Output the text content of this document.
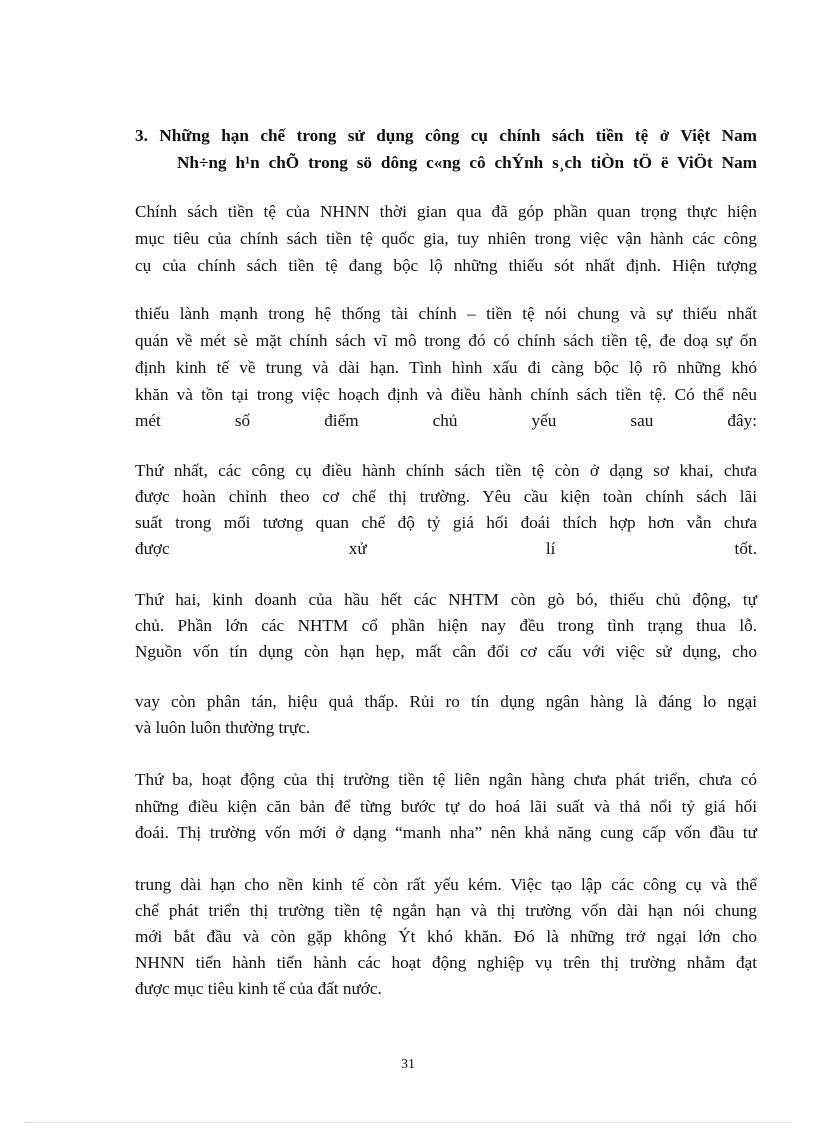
3. Những hạn chế trong sử dụng công cụ chính sách tiền tệ ở Việt Nam
Nh÷ng h¹n chÕ trong sö dông c«ng cô chÝnh s¸ch tiÒn tÖ ë ViÖt Nam
Chính sách tiền tệ của NHNN thời gian qua đã góp phần quan trọng thực hiện
mục tiêu của chính sách tiền tệ quốc gia, tuy nhiên trong việc vận hành các công
cụ của chính sách tiền tệ đang bộc lộ những thiếu sót nhất định. Hiện tượng
thiếu lành mạnh trong hệ thống tài chính – tiền tệ nói chung và sự thiếu nhất
quán về mét sè mặt chính sách vĩ mô trong đó có chính sách tiền tệ, đe doạ sự ổn
định kinh tế về trung và dài hạn. Tình hình xấu đi càng bộc lộ rõ những khó
khăn và tồn tại trong việc hoạch định và điều hành chính sách tiền tệ. Có thể nêu
mét số điểm chủ yếu sau đây:
Thứ nhất, các công cụ điều hành chính sách tiền tệ còn ở dạng sơ khai, chưa
được hoàn chỉnh theo cơ chế thị trường. Yêu cầu kiện toàn chính sách lãi
suất trong mối tương quan chế độ tỷ giá hối đoái thích hợp hơn vẫn chưa
được xử lí tốt.
Thứ hai, kinh doanh của hầu hết các NHTM còn gò bó, thiếu chủ động, tự
chủ. Phần lớn các NHTM cổ phần hiện nay đều trong tình trạng thua lỗ.
Nguồn vốn tín dụng còn hạn hẹp, mất cân đối cơ cấu với việc sử dụng, cho
vay còn phân tán, hiệu quả thấp. Rủi ro tín dụng ngân hàng là đáng lo ngại
và luôn luôn thường trực.
Thứ ba, hoạt động của thị trường tiền tệ liên ngân hàng chưa phát triển, chưa có
những điều kiện căn bản để từng bước tự do hoá lãi suất và thả nổi tỷ giá hối
đoái. Thị trường vốn mới ở dạng “manh nha” nên khả năng cung cấp vốn đầu tư
trung dài hạn cho nền kinh tế còn rất yếu kém. Việc tạo lập các công cụ và thể
chế phát triển thị trường tiền tệ ngắn hạn và thị trường vốn dài hạn nói chung
mới bắt đầu và còn gặp không Ýt khó khăn. Đó là những trở ngại lớn cho
NHNN tiến hành tiến hành các hoạt động nghiệp vụ trên thị trường nhằm đạt
được mục tiêu kinh tế của đất nước.
31
